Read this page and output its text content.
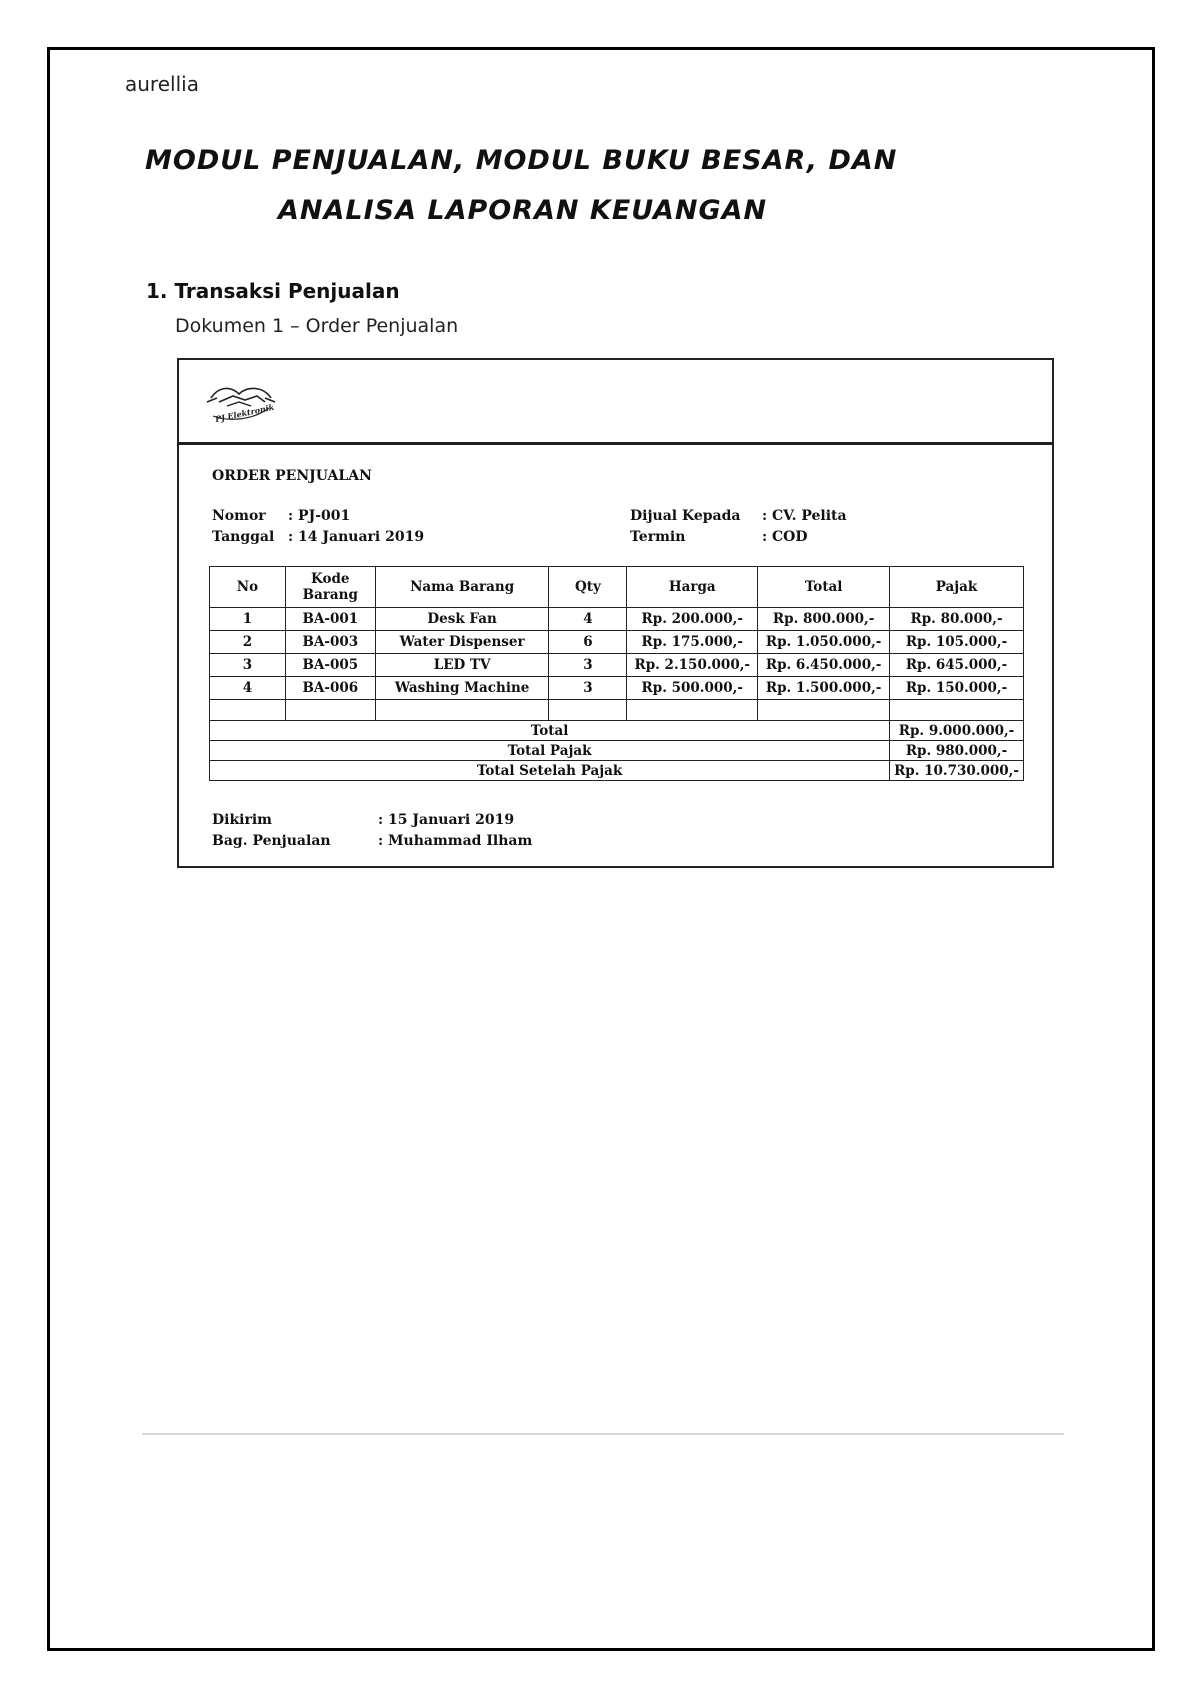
aurellia
MODUL PENJUALAN, MODUL BUKU BESAR, DAN
ANALISA LAPORAN KEUANGAN
1. Transaksi Penjualan
Dokumen 1 – Order Penjualan
PJ Elektronik
ORDER PENJUALAN
Nomor : PJ-001
Tanggal : 14 Januari 2019
Dijual Kepada : CV. Pelita
Termin	: COD
No	Kode Barang	Nama Barang	Qty	Harga	Total	Pajak
1	BA-001	Desk Fan	4	Rp. 200.000,-	Rp. 800.000,-	Rp. 80.000,-
2	BA-003	Water Dispenser	6	Rp. 175.000,-	Rp. 1.050.000,-	Rp. 105.000,-
3	BA-005	LED TV	3	Rp. 2.150.000,-	Rp. 6.450.000,-	Rp. 645.000,-
4	BA-006	Washing Machine	3	Rp. 500.000,-	Rp. 1.500.000,-	Rp. 150.000,-

Total						Rp. 9.000.000,-
Total Pajak						Rp. 980.000,-
Total Setelah Pajak						Rp. 10.730.000,-
Dikirim	: 15 Januari 2019
Bag. Penjualan	: Muhammad Ilham
